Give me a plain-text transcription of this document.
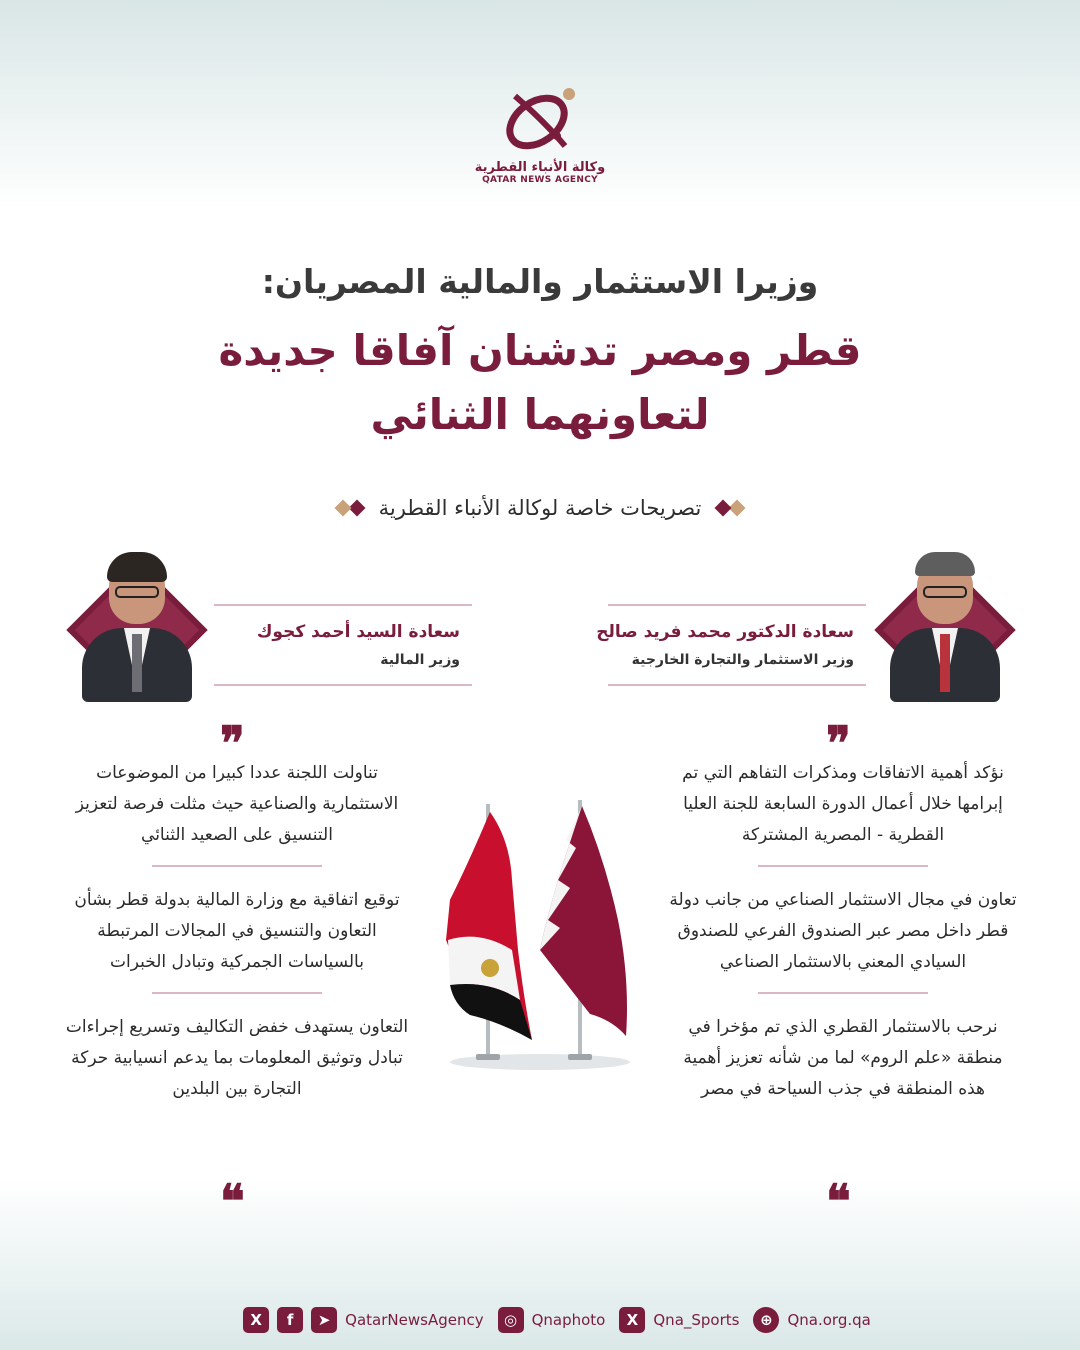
وكالة الأنباء القطرية
QATAR NEWS AGENCY
وزيرا الاستثمار والمالية المصريان:
قطر ومصر تدشنان آفاقا جديدة
لتعاونهما الثنائي
تصريحات خاصة لوكالة الأنباء القطرية
سعادة الدكتور محمد فريد صالح
وزير الاستثمار والتجارة الخارجية
سعادة السيد أحمد كجوك
وزير المالية
❞
❞
❝
❝
نؤكد أهمية الاتفاقات ومذكرات التفاهم التي تم إبرامها خلال أعمال الدورة السابعة للجنة العليا القطرية - المصرية المشتركة
تعاون في مجال الاستثمار الصناعي من جانب دولة قطر داخل مصر عبر الصندوق الفرعي للصندوق السيادي المعني بالاستثمار الصناعي
نرحب بالاستثمار القطري الذي تم مؤخرا في منطقة «علم الروم» لما من شأنه تعزيز أهمية هذه المنطقة في جذب السياحة في مصر
تناولت اللجنة عددا كبيرا من الموضوعات الاستثمارية والصناعية حيث مثلت فرصة لتعزيز التنسيق على الصعيد الثنائي
توقيع اتفاقية مع وزارة المالية بدولة قطر بشأن التعاون والتنسيق في المجالات المرتبطة بالسياسات الجمركية وتبادل الخبرات
التعاون يستهدف خفض التكاليف وتسريع إجراءات تبادل وتوثيق المعلومات بما يدعم انسيابية حركة التجارة بين البلدين
X	f	➤ QatarNewsAgency	◎ Qnaphoto	X	Qna_Sports	⊕ Qna.org.qa
